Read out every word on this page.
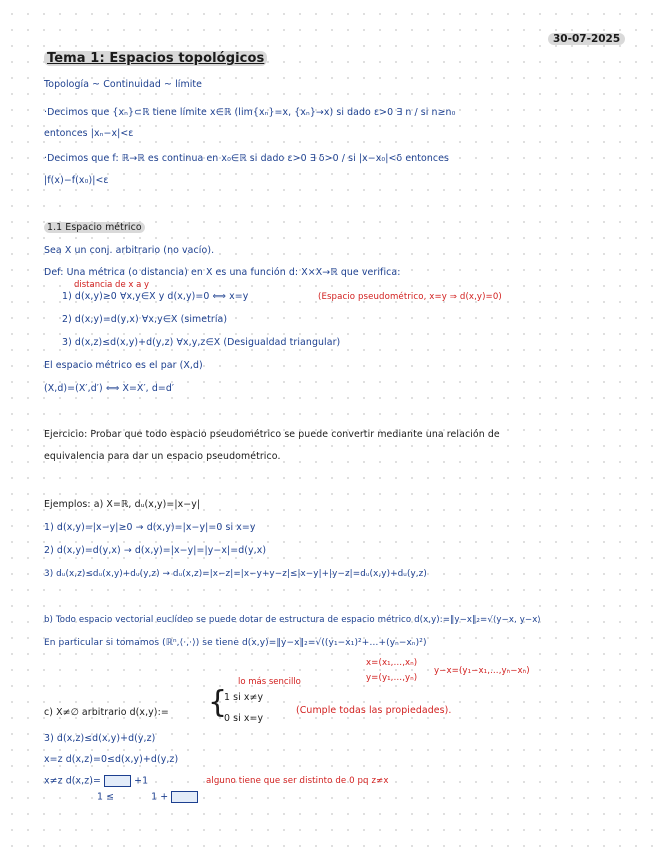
30-07-2025
Tema 1: Espacios topológicos
Topología ~ Continuidad ~ límite
·Decimos que {xₙ}⊂ℝ tiene límite x∈ℝ (lim{xₙ}=x, {xₙ}→x) si dado ε>0 ∃ n / si n≥n₀
entonces |xₙ−x|<ε
·Decimos que f: ℝ→ℝ es continua en x₀∈ℝ si dado ε>0 ∃ δ>0 / si |x−x₀|<δ entonces
|f(x)−f(x₀)|<ε
1.1 Espacio métrico
Sea X un conj. arbitrario (no vacío).
Def: Una métrica (o distancia) en X es una función d: X×X→ℝ que verifica:
distancia de x a y
1) d(x,y)≥0 ∀x,y∈X y d(x,y)=0 ⟺ x=y	(Espacio pseudométrico, x=y ⇒ d(x,y)=0)
2) d(x,y)=d(y,x) ∀x,y∈X (simetría)
3) d(x,z)≤d(x,y)+d(y,z) ∀x,y,z∈X (Desigualdad triangular)
El espacio métrico es el par (X,d)
(X,d)=(X′,d′) ⟺ X=X′, d=d′
Ejercicio: Probar que todo espacio pseudométrico se puede convertir mediante una relación de
equivalencia para dar un espacio pseudométrico.
Ejemplos: a) X=ℝ, dᵤ(x,y)=|x−y|
1) d(x,y)=|x−y|≥0 → d(x,y)=|x−y|=0 si x=y
2) d(x,y)=d(y,x) → d(x,y)=|x−y|=|y−x|=d(y,x)
3) dᵤ(x,z)≤dᵤ(x,y)+dᵤ(y,z) → dᵤ(x,z)=|x−z|=|x−y+y−z|≤|x−y|+|y−z|=dᵤ(x,y)+dᵤ(y,z)
b) Todo espacio vectorial euclídeo se puede dotar de estructura de espacio métrico d(x,y):=‖y−x‖₂=√⟨y−x, y−x⟩
En particular si tomamos (ℝⁿ,⟨·,·⟩) se tiene d(x,y)=‖y−x‖₂=√((y₁−x₁)²+…+(yₙ−xₙ)²)
x=(x₁,…,xₙ)
y=(y₁,…,yₙ)
y−x=(y₁−x₁,…,yₙ−xₙ)
lo más sencillo
c) X≠∅ arbitrario d(x,y):= {
1 si x≠y
0 si x=y
(Cumple todas las propiedades).
3) d(x,z)≤d(x,y)+d(y,z)
x=z d(x,z)=0≤d(x,y)+d(y,z)
x≠z d(x,z)=	+1	alguno tiene que ser distinto de 0 pq z≠x
1 ≤	1 +
